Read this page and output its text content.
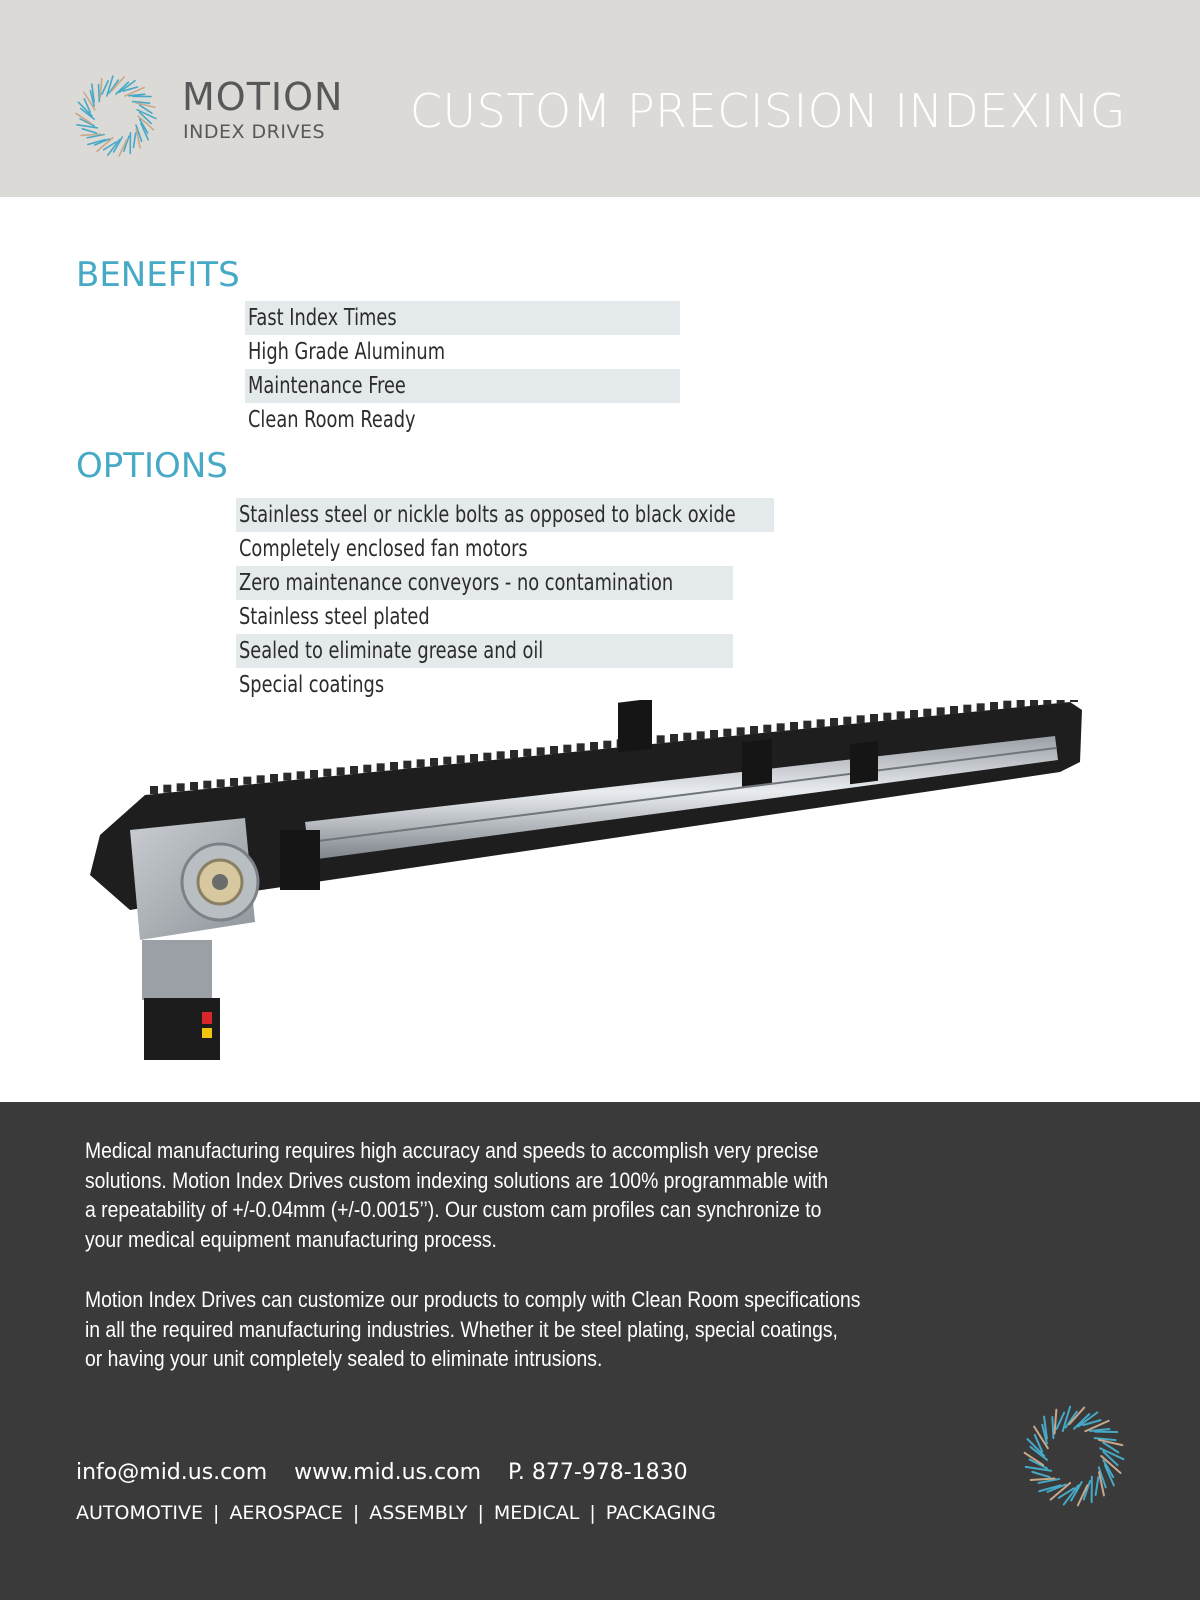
MOTION
INDEX DRIVES CUSTOM PRECISION INDEXING
BENEFITS
Fast Index Times
High Grade Aluminum
Maintenance Free
Clean Room Ready
OPTIONS
Stainless steel or nickle bolts as opposed to black oxide
Completely enclosed fan motors
Zero maintenance conveyors - no contamination
Stainless steel plated
Sealed to eliminate grease and oil
Special coatings

Medical manufacturing requires high accuracy and speeds to accomplish very precise
solutions. Motion Index Drives custom indexing solutions are 100% programmable with
a repeatability of +/-0.04mm (+/-0.0015’’). Our custom cam profiles can synchronize to
your medical equipment manufacturing process.

Motion Index Drives can customize our products to comply with Clean Room specifications
in all the required manufacturing industries. Whether it be steel plating, special coatings,
or having your unit completely sealed to eliminate intrusions.

info@mid.us.com www.mid.us.com P. 877-978-1830
AUTOMOTIVE | AEROSPACE | ASSEMBLY | MEDICAL | PACKAGING
